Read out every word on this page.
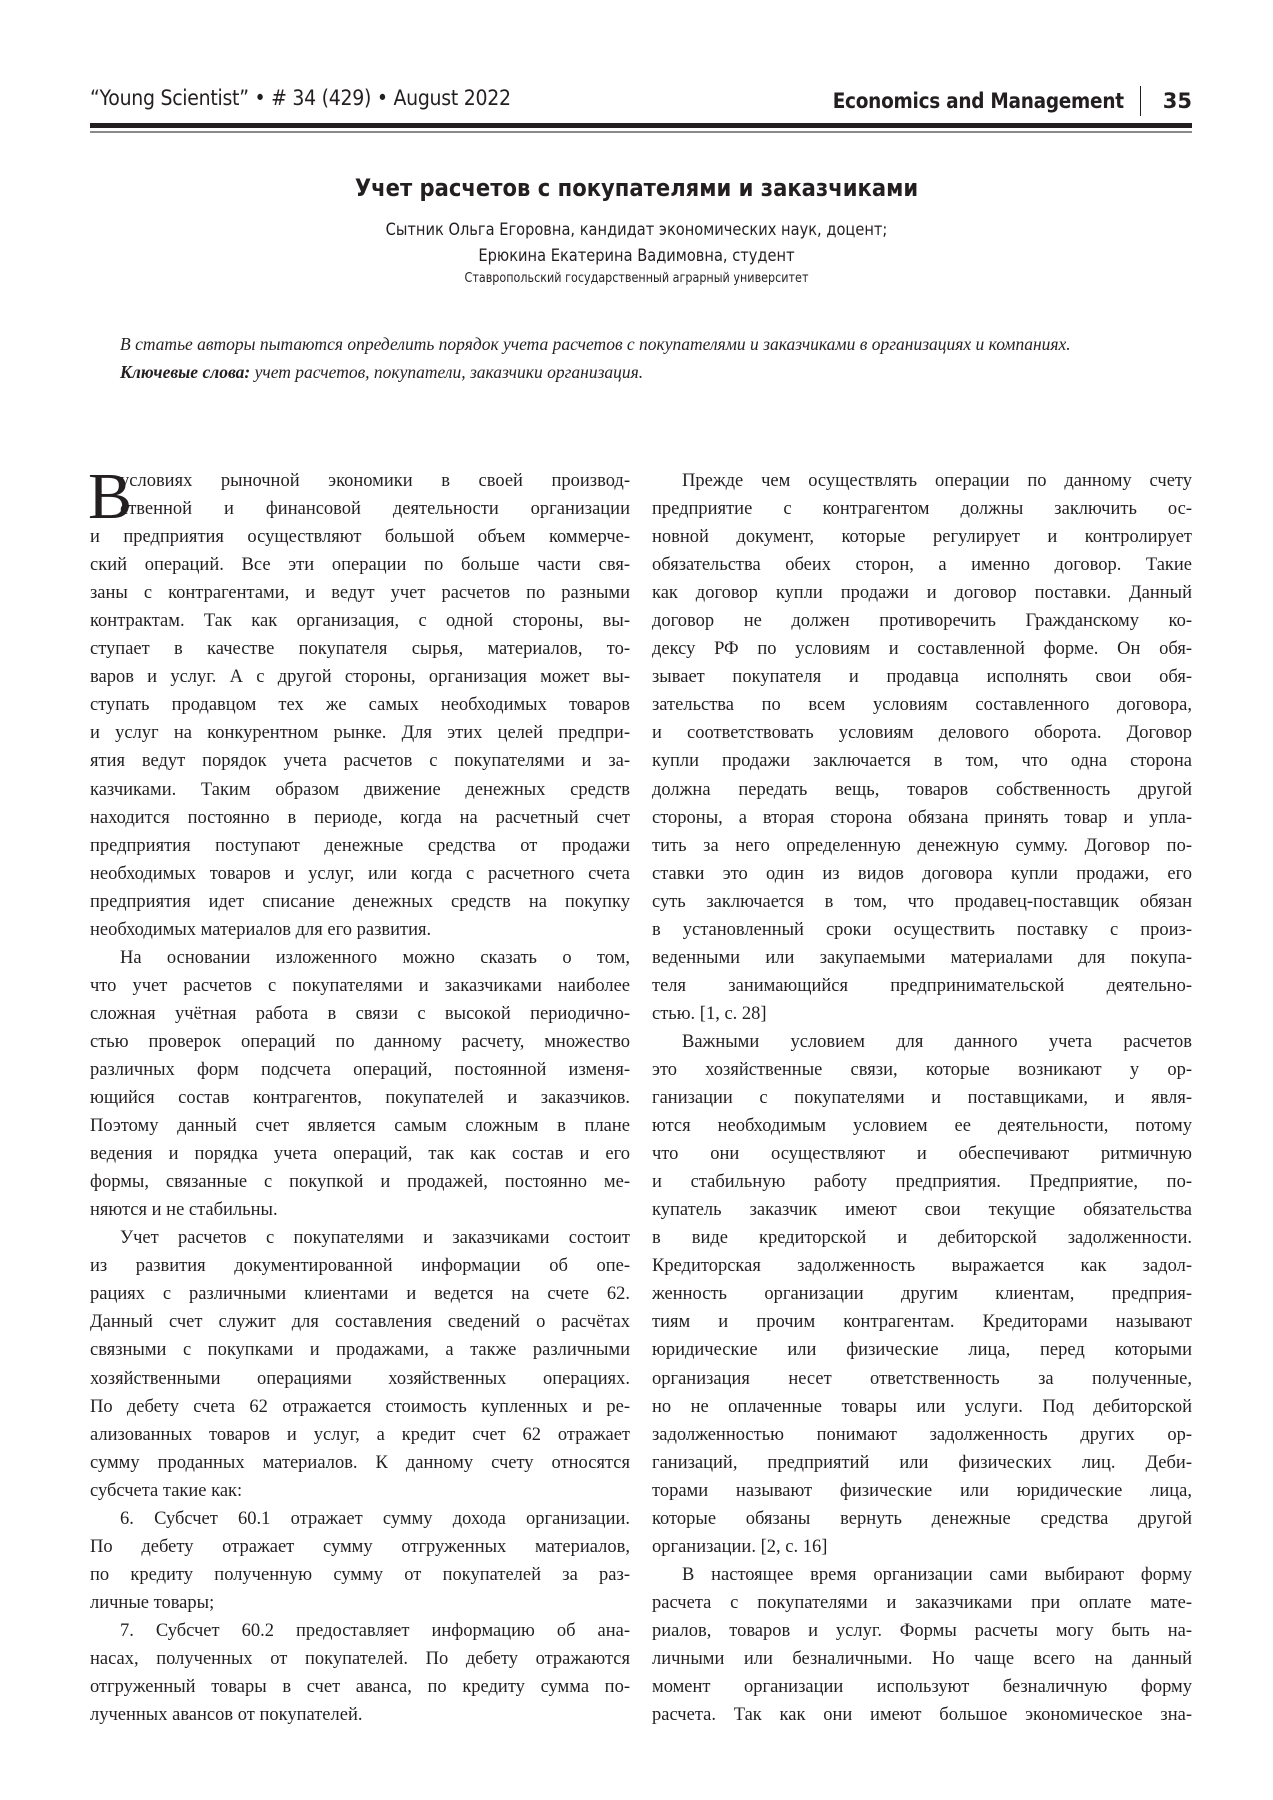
“Young Scientist” • # 34 (429) • August 2022	Economics and Management 35
Учет расчетов с покупателями и заказчиками
Сытник Ольга Егоровна, кандидат экономических наук, доцент;
Ерюкина Екатерина Вадимовна, студент
Ставропольский государственный аграрный университет

В статье авторы пытаются определить порядок учета расчетов с покупателями и заказчиками в организациях и компаниях.

Ключевые слова: учет расчетов, покупатели, заказчики организация.

В
условиях рыночной экономики в своей производ-
ственной и финансовой деятельности организации
и предприятия осуществляют большой объем коммерче-
ский операций. Все эти операции по больше части свя-
заны с контрагентами, и ведут учет расчетов по разными
контрактам. Так как организация, с одной стороны, вы-
ступает в качестве покупателя сырья, материалов, то-
варов и услуг. А с другой стороны, организация может вы-
ступать продавцом тех же самых необходимых товаров
и услуг на конкурентном рынке. Для этих целей предпри-
ятия ведут порядок учета расчетов с покупателями и за-
казчиками. Таким образом движение денежных средств
находится постоянно в периоде, когда на расчетный счет
предприятия поступают денежные средства от продажи
необходимых товаров и услуг, или когда с расчетного счета
предприятия идет списание денежных средств на покупку
необходимых материалов для его развития.
На основании изложенного можно сказать о том,
что учет расчетов с покупателями и заказчиками наиболее
сложная учётная работа в связи с высокой периодично-
стью проверок операций по данному расчету, множество
различных форм подсчета операций, постоянной изменя-
ющийся состав контрагентов, покупателей и заказчиков.
Поэтому данный счет является самым сложным в плане
ведения и порядка учета операций, так как состав и его
формы, связанные с покупкой и продажей, постоянно ме-
няются и не стабильны.
Учет расчетов с покупателями и заказчиками состоит
из развития документированной информации об опе-
рациях с различными клиентами и ведется на счете 62.
Данный счет служит для составления сведений о расчётах
связными с покупками и продажами, а также различными
хозяйственными операциями хозяйственных операциях.
По дебету счета 62 отражается стоимость купленных и ре-
ализованных товаров и услуг, а кредит счет 62 отражает
сумму проданных материалов. К данному счету относятся
субсчета такие как:
6. Субсчет 60.1 отражает сумму дохода организации.
По дебету отражает сумму отгруженных материалов,
по кредиту полученную сумму от покупателей за раз-
личные товары;
7. Субсчет 60.2 предоставляет информацию об ана-
насах, полученных от покупателей. По дебету отражаются
отгруженный товары в счет аванса, по кредиту сумма по-
лученных авансов от покупателей.
Прежде чем осуществлять операции по данному счету
предприятие с контрагентом должны заключить ос-
новной документ, которые регулирует и контролирует
обязательства обеих сторон, а именно договор. Такие
как договор купли продажи и договор поставки. Данный
договор не должен противоречить Гражданскому ко-
дексу РФ по условиям и составленной форме. Он обя-
зывает покупателя и продавца исполнять свои обя-
зательства по всем условиям составленного договора,
и соответствовать условиям делового оборота. Договор
купли продажи заключается в том, что одна сторона
должна передать вещь, товаров собственность другой
стороны, а вторая сторона обязана принять товар и упла-
тить за него определенную денежную сумму. Договор по-
ставки это один из видов договора купли продажи, его
суть заключается в том, что продавец-поставщик обязан
в установленный сроки осуществить поставку с произ-
веденными или закупаемыми материалами для покупа-
теля занимающийся предпринимательской деятельно-
стью. [1, с. 28]
Важными условием для данного учета расчетов
это хозяйственные связи, которые возникают у ор-
ганизации с покупателями и поставщиками, и явля-
ются необходимым условием ее деятельности, потому
что они осуществляют и обеспечивают ритмичную
и стабильную работу предприятия. Предприятие, по-
купатель заказчик имеют свои текущие обязательства
в виде кредиторской и дебиторской задолженности.
Кредиторская задолженность выражается как задол-
женность организации другим клиентам, предприя-
тиям и прочим контрагентам. Кредиторами называют
юридические или физические лица, перед которыми
организация несет ответственность за полученные,
но не оплаченные товары или услуги. Под дебиторской
задолженностью понимают задолженность других ор-
ганизаций, предприятий или физических лиц. Деби-
торами называют физические или юридические лица,
которые обязаны вернуть денежные средства другой
организации. [2, с. 16]
В настоящее время организации сами выбирают форму
расчета с покупателями и заказчиками при оплате мате-
риалов, товаров и услуг. Формы расчеты могу быть на-
личными или безналичными. Но чаще всего на данный
момент организации используют безналичную форму
расчета. Так как они имеют большое экономическое зна-
